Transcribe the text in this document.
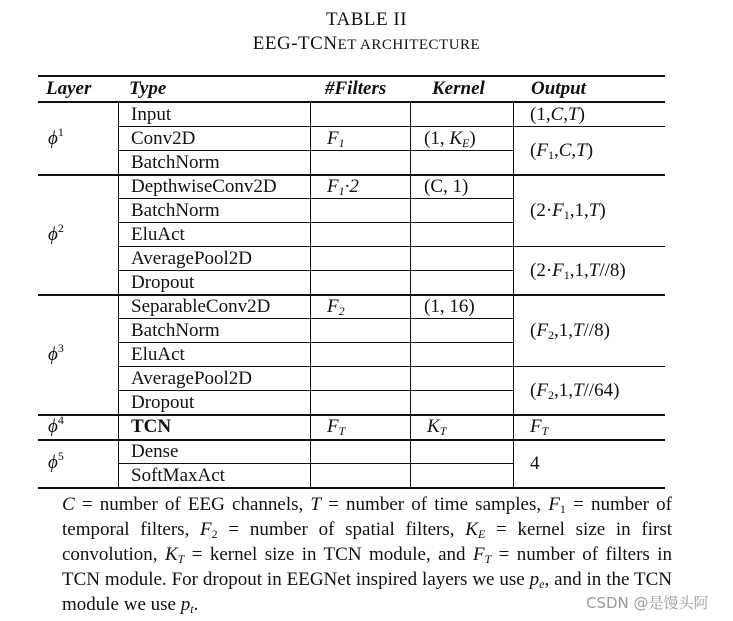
TABLE II
EEG-TCNET ARCHITECTURE
Layer Type	#Filters Kernel Output
$\phi^1$
$\phi^2$
$\phi^3$
$\phi^4$
$\phi^5$
Input
Conv2D
BatchNorm
DepthwiseConv2D
BatchNorm
EluAct
AveragePool2D
Dropout
SeparableConv2D
BatchNorm
EluAct
AveragePool2D
Dropout
TCN
Dense
SoftMaxAct
$F_1$
$F_1\cdot 2$
$F_2$
$F_T$
(1, $K_E$)
(C, 1)
(1, 16)
$K_T$
(1,C,T)
$(F_1,C,T)$
$(2\cdot F_1,1,T)$
$(2\cdot F_1,1,T//8)$
$(F_2,1,T//8)$
$(F_2,1,T//64)$
$F_T$
4
C = number of EEG channels, T = number of time samples, $F_1$ = number of temporal filters, $F_2$ = number of spatial filters, $K_E$ = kernel size in first convolution, $K_T$ = kernel size in TCN module, and $F_T$ = number of filters in TCN module. For dropout in EEGNet inspired layers we use $p_e$, and in the TCN module we use $p_t$.	CSDN @是馒头阿
